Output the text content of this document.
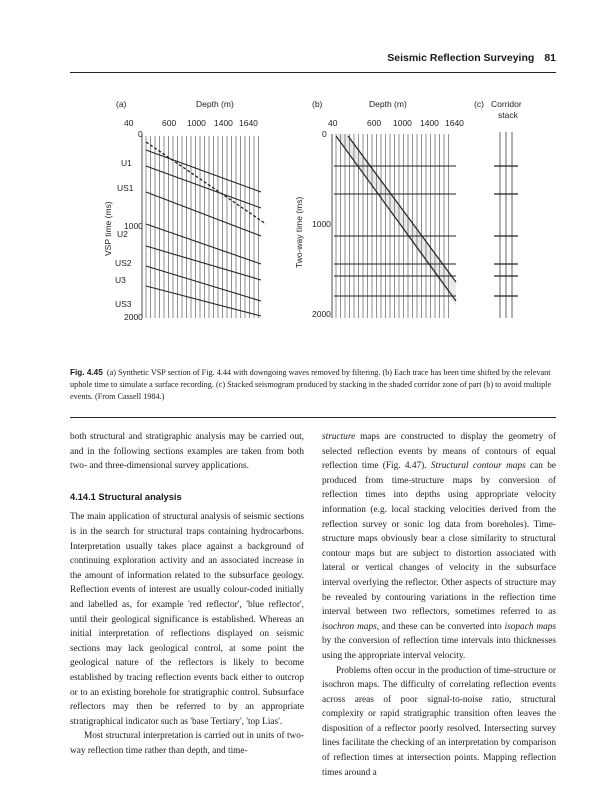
Seismic Reflection Surveying 81
(a)	Depth (m)
40	600 1000 1400 1640
VSP time (ms)
0
1000
2000
U1
US1
U2
US2
U3
US3
(b)	Depth (m)
40	600 1000 1400 1640
Two-way time (ms)
0
1000
2000
(c) Corridor
stack
Fig. 4.45 (a) Synthetic VSP section of Fig. 4.44 with downgoing waves removed by filtering. (b) Each trace has been time shifted by the relevant uphole time to simulate a surface recording. (c) Stacked seismogram produced by stacking in the shaded corridor zone of part (b) to avoid multiple events. (From Cassell 1984.)

both structural and stratigraphic analysis may be carried out, and in the following sections examples are taken from both two- and three-dimensional survey applications.

4.14.1 Structural analysis

The main application of structural analysis of seismic sections is in the search for structural traps containing hydrocarbons. Interpretation usually takes place against a background of continuing exploration activity and an associated increase in the amount of information related to the subsurface geology. Reflection events of interest are usually colour-coded initially and labelled as, for example 'red reflector', 'blue reflector', until their geological significance is established. Whereas an initial interpretation of reflections displayed on seismic sections may lack geological control, at some point the geological nature of the reflectors is likely to become established by tracing reflection events back either to outcrop or to an existing borehole for stratigraphic control. Subsurface reflectors may then be referred to by an appropriate stratigraphical indicator such as 'base Tertiary', 'top Lias'.

Most structural interpretation is carried out in units of two-way reflection time rather than depth, and time-

structure maps are constructed to display the geometry of selected reflection events by means of contours of equal reflection time (Fig. 4.47). Structural contour maps can be produced from time-structure maps by conversion of reflection times into depths using appropriate velocity information (e.g. local stacking velocities derived from the reflection survey or sonic log data from boreholes). Time-structure maps obviously bear a close similarity to structural contour maps but are subject to distortion associated with lateral or vertical changes of velocity in the subsurface interval overlying the reflector. Other aspects of structure may be revealed by contouring variations in the reflection time interval between two reflectors, sometimes referred to as isochron maps, and these can be converted into isopach maps by the conversion of reflection time intervals into thicknesses using the appropriate interval velocity.

Problems often occur in the production of time-structure or isochron maps. The difficulty of correlating reflection events across areas of poor signal-to-noise ratio, structural complexity or rapid stratigraphic transition often leaves the disposition of a reflector poorly resolved. Intersecting survey lines facilitate the checking of an interpretation by comparison of reflection times at intersection points. Mapping reflection times around a
